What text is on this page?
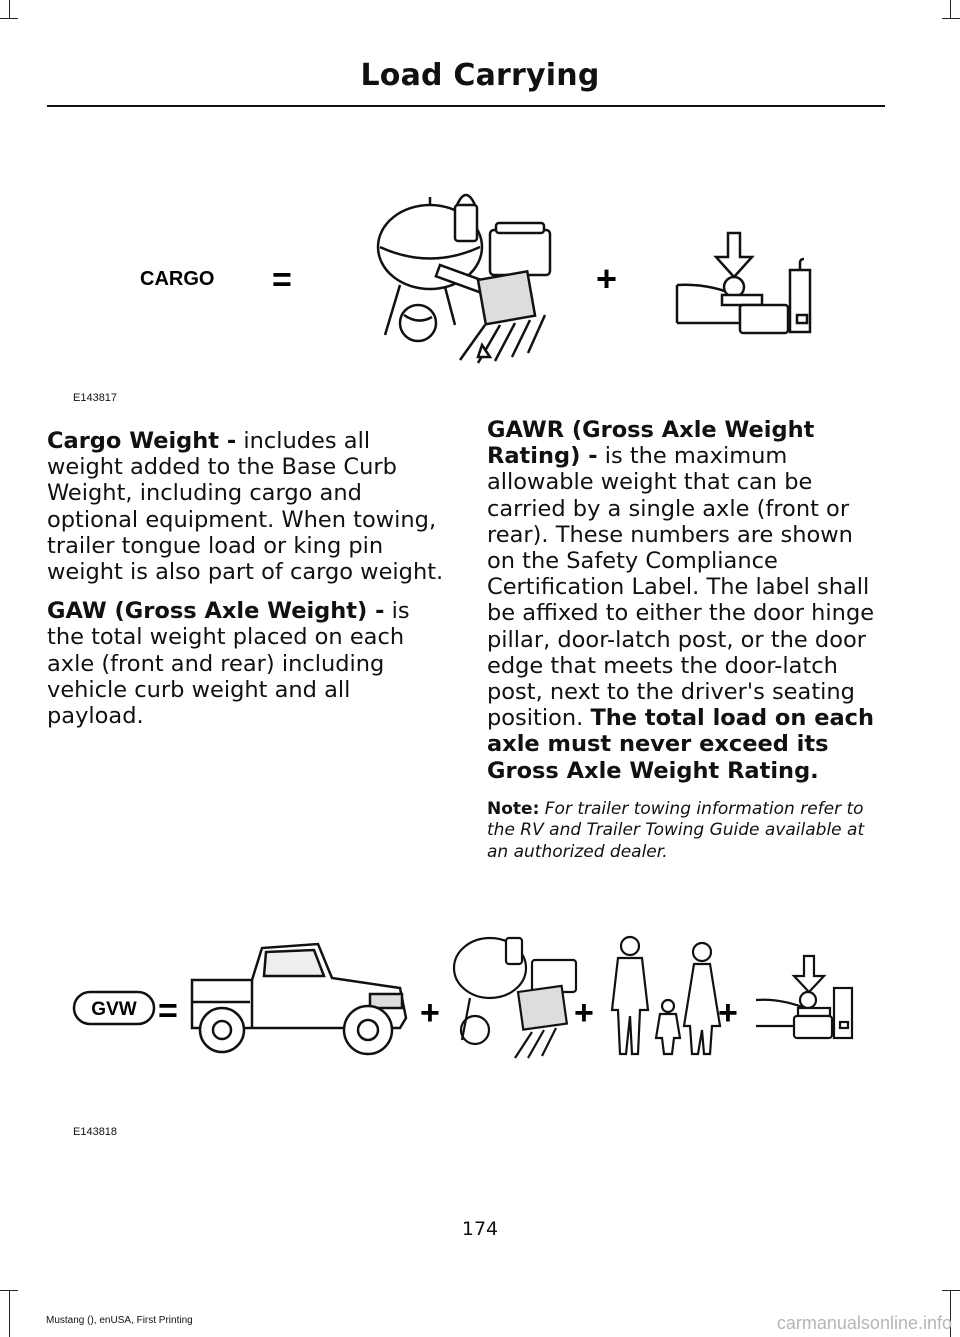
Load Carrying
CARGO =	+
E143817

Cargo Weight - includes all weight added to the Base Curb Weight, including cargo and optional equipment. When towing, trailer tongue load or king pin weight is also part of cargo weight.

GAW (Gross Axle Weight) - is the total weight placed on each axle (front and rear) including vehicle curb weight and all payload.

GAWR (Gross Axle Weight Rating) - is the maximum allowable weight that can be carried by a single axle (front or rear). These numbers are shown on the Safety Compliance Certification Label. The label shall be affixed to either the door hinge pillar, door-latch post, or the door edge that meets the door-latch post, next to the driver's seating position. The total load on each axle must never exceed its Gross Axle Weight Rating.

Note: For trailer towing information refer to the RV and Trailer Towing Guide available at an authorized dealer.

GVW =	+	+	+
E143818
174
Mustang (), enUSA, First Printing	carmanualsonline.info
